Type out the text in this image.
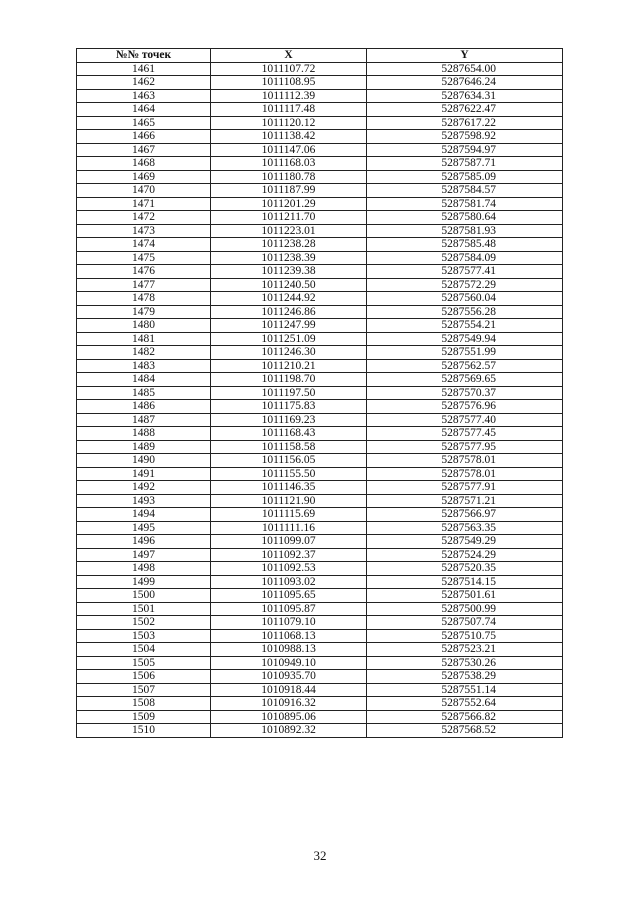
№№ точек	X	Y
1461	1011107.72	5287654.00
1462	1011108.95	5287646.24
1463	1011112.39	5287634.31
1464	1011117.48	5287622.47
1465	1011120.12	5287617.22
1466	1011138.42	5287598.92
1467	1011147.06	5287594.97
1468	1011168.03	5287587.71
1469	1011180.78	5287585.09
1470	1011187.99	5287584.57
1471	1011201.29	5287581.74
1472	1011211.70	5287580.64
1473	1011223.01	5287581.93
1474	1011238.28	5287585.48
1475	1011238.39	5287584.09
1476	1011239.38	5287577.41
1477	1011240.50	5287572.29
1478	1011244.92	5287560.04
1479	1011246.86	5287556.28
1480	1011247.99	5287554.21
1481	1011251.09	5287549.94
1482	1011246.30	5287551.99
1483	1011210.21	5287562.57
1484	1011198.70	5287569.65
1485	1011197.50	5287570.37
1486	1011175.83	5287576.96
1487	1011169.23	5287577.40
1488	1011168.43	5287577.45
1489	1011158.58	5287577.95
1490	1011156.05	5287578.01
1491	1011155.50	5287578.01
1492	1011146.35	5287577.91
1493	1011121.90	5287571.21
1494	1011115.69	5287566.97
1495	1011111.16	5287563.35
1496	1011099.07	5287549.29
1497	1011092.37	5287524.29
1498	1011092.53	5287520.35
1499	1011093.02	5287514.15
1500	1011095.65	5287501.61
1501	1011095.87	5287500.99
1502	1011079.10	5287507.74
1503	1011068.13	5287510.75
1504	1010988.13	5287523.21
1505	1010949.10	5287530.26
1506	1010935.70	5287538.29
1507	1010918.44	5287551.14
1508	1010916.32	5287552.64
1509	1010895.06	5287566.82
1510	1010892.32	5287568.52
32
